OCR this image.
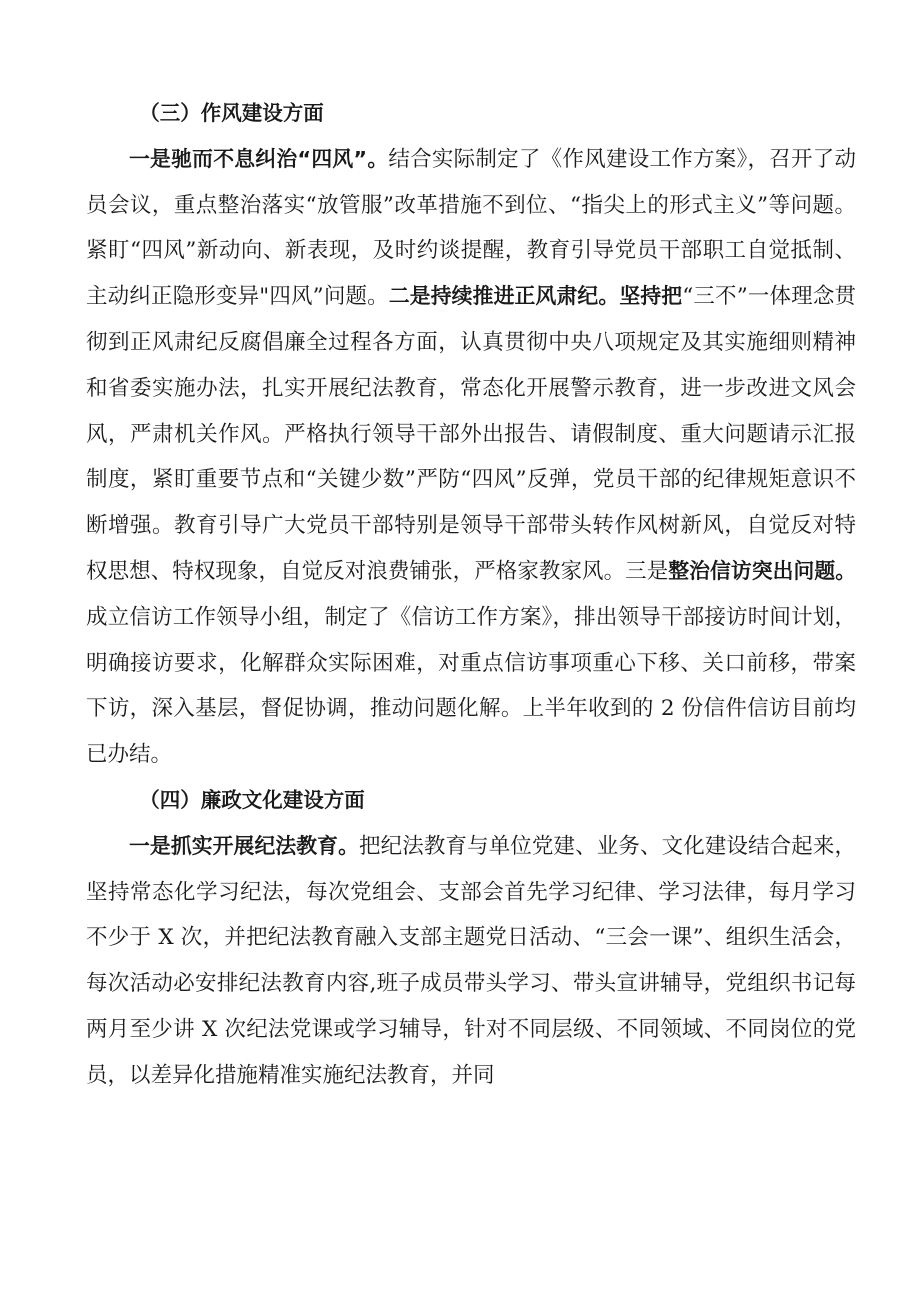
（三）作风建设方面

一是驰而不息纠治“四风”。结合实际制定了《作风建设工作方案》，召开了动员会议，重点整治落实“放管服”改革措施不到位、“指尖上的形式主义”等问题。紧盯“四风”新动向、新表现，及时约谈提醒，教育引导党员干部职工自觉抵制、主动纠正隐形变异"四风”问题。二是持续推进正风肃纪。坚持把“三不”一体理念贯彻到正风肃纪反腐倡廉全过程各方面，认真贯彻中央八项规定及其实施细则精神和省委实施办法，扎实开展纪法教育，常态化开展警示教育，进一步改进文风会风，严肃机关作风。严格执行领导干部外出报告、请假制度、重大问题请示汇报制度，紧盯重要节点和“关键少数”严防“四风”反弹，党员干部的纪律规矩意识不断增强。教育引导广大党员干部特别是领导干部带头转作风树新风，自觉反对特权思想、特权现象，自觉反对浪费铺张，严格家教家风。三是整治信访突出问题。成立信访工作领导小组，制定了《信访工作方案》，排出领导干部接访时间计划，明确接访要求，化解群众实际困难，对重点信访事项重心下移、关口前移，带案下访，深入基层，督促协调，推动问题化解。上半年收到的 2 份信件信访目前均已办结。

（四）廉政文化建设方面

一是抓实开展纪法教育。把纪法教育与单位党建、业务、文化建设结合起来，坚持常态化学习纪法，每次党组会、支部会首先学习纪律、学习法律，每月学习不少于 X 次，并把纪法教育融入支部主题党日活动、“三会一课”、组织生活会，每次活动必安排纪法教育内容,班子成员带头学习、带头宣讲辅导，党组织书记每两月至少讲 X 次纪法党课或学习辅导，针对不同层级、不同领域、不同岗位的党员，以差异化措施精准实施纪法教育，并同
